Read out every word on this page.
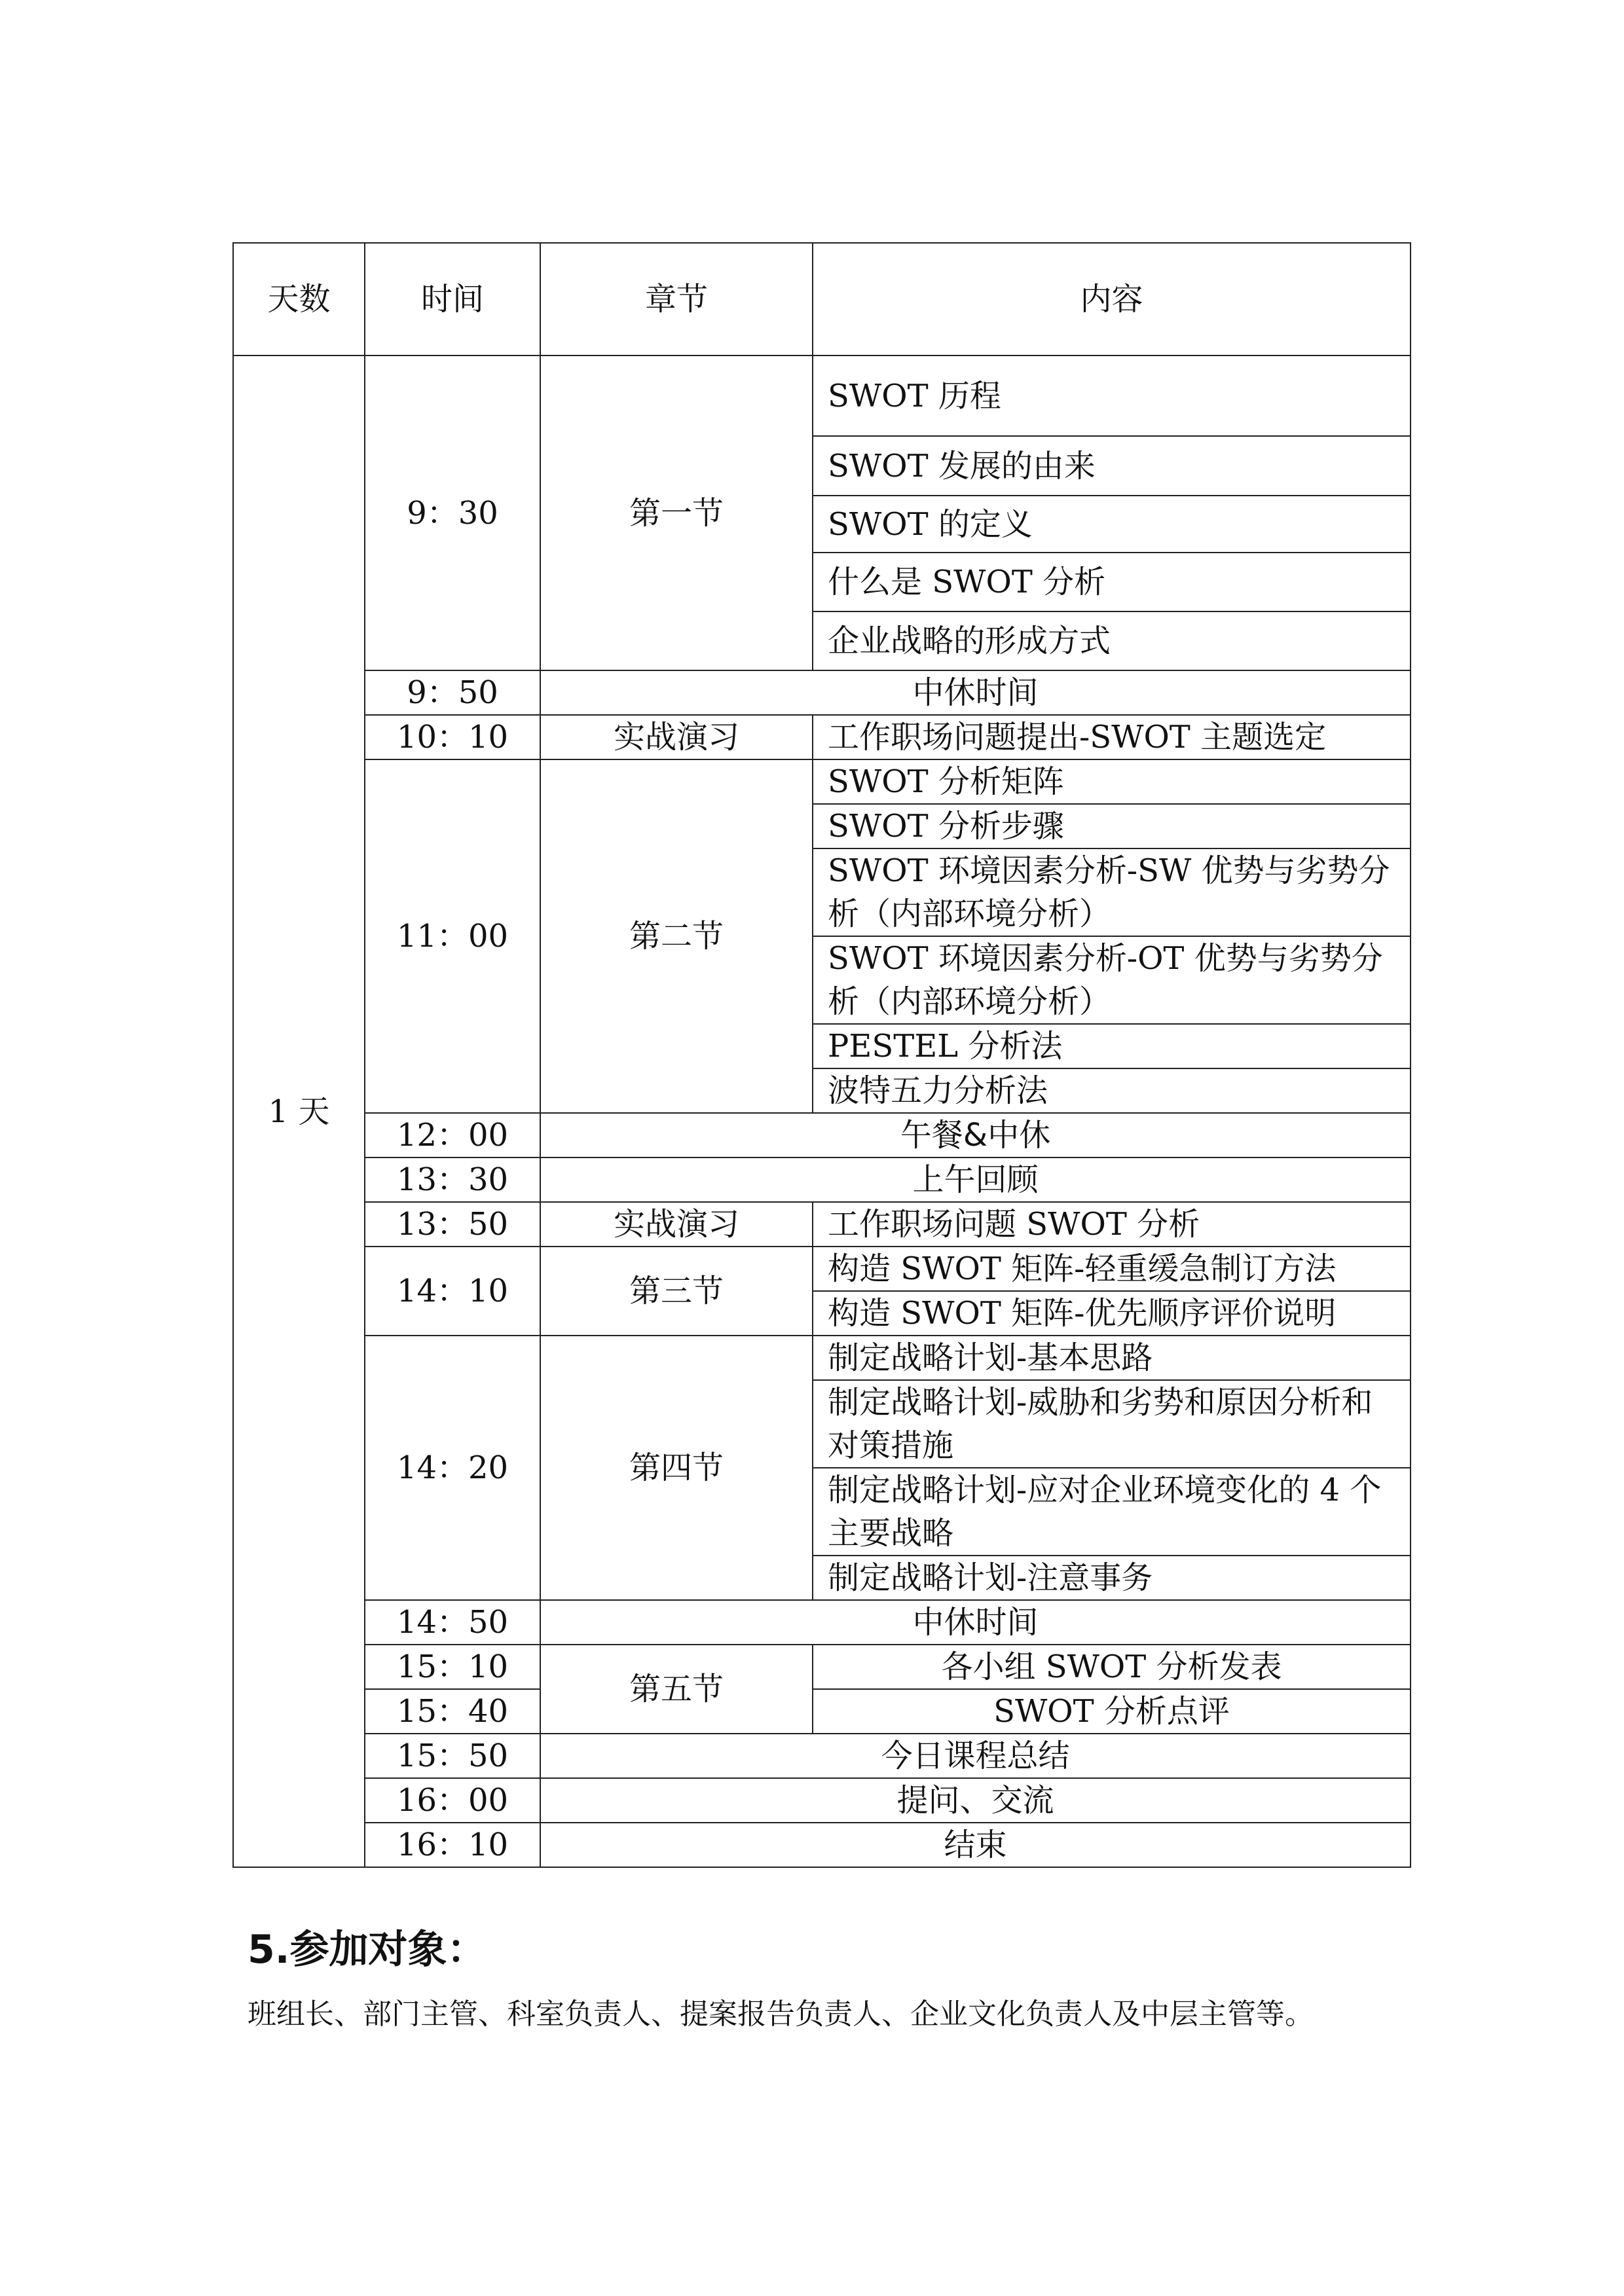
天数	时间	章节	内容
1 天	9：30	第一节	SWOT 历程
			SWOT 发展的由来
			SWOT 的定义
			什么是 SWOT 分析
			企业战略的形成方式
	9：50	中休时间	
	10：10	实战演习	工作职场问题提出-SWOT 主题选定
	11：00	第二节	SWOT 分析矩阵
			SWOT 分析步骤
			SWOT 环境因素分析-SW 优势与劣势分析（内部环境分析）
			SWOT 环境因素分析-OT 优势与劣势分析（内部环境分析）
			PESTEL 分析法
			波特五力分析法
	12：00	午餐&中休	
	13：30	上午回顾	
	13：50	实战演习	工作职场问题 SWOT 分析
	14：10	第三节	构造 SWOT 矩阵-轻重缓急制订方法
			构造 SWOT 矩阵-优先顺序评价说明
	14：20	第四节	制定战略计划-基本思路
			制定战略计划-威胁和劣势和原因分析和对策措施
			制定战略计划-应对企业环境变化的 4 个主要战略
			制定战略计划-注意事务
	14：50	中休时间	
	15：10	第五节	各小组 SWOT 分析发表
	15：40		SWOT 分析点评
	15：50	今日课程总结	
	16：00	提问、交流	
	16：10	结束	
5.参加对象：
班组长、部门主管、科室负责人、提案报告负责人、企业文化负责人及中层主管等。
